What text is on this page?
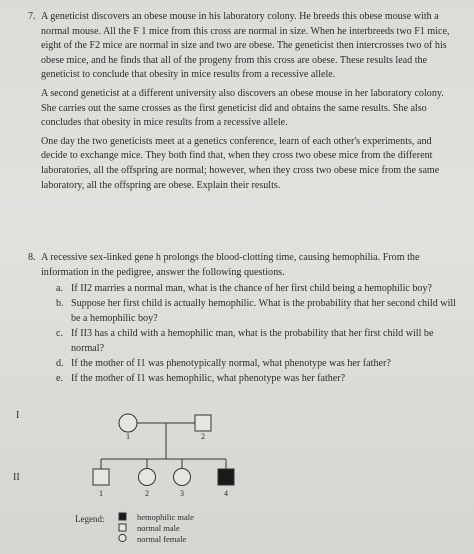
7. A geneticist discovers an obese mouse in his laboratory colony. He breeds this obese mouse with a normal mouse. All the F 1 mice from this cross are normal in size. When he interbreeds two F1 mice, eight of the F2 mice are normal in size and two are obese. The geneticist then intercrosses two of his obese mice, and he finds that all of the progeny from this cross are obese. These results lead the geneticist to conclude that obesity in mice results from a recessive allele.

A second geneticist at a different university also discovers an obese mouse in her laboratory colony. She carries out the same crosses as the first geneticist did and obtains the same results. She also concludes that obesity in mice results from a recessive allele.

One day the two geneticists meet at a genetics conference, learn of each other's experiments, and decide to exchange mice. They both find that, when they cross two obese mice from the different laboratories, all the offspring are normal; however, when they cross two obese mice from the same laboratory, all the offspring are obese. Explain their results.

8. A recessive sex-linked gene h prolongs the blood-clotting time, causing hemophilia. From the information in the pedigree, answer the following questions.
a. If II2 marries a normal man, what is the chance of her first child being a hemophilic boy?
b. Suppose her first child is actually hemophilic. What is the probability that her second child will be a hemophilic boy?
c. If II3 has a child with a hemophilic man, what is the probability that her first child will be normal?
d. If the mother of I1 was phenotypically normal, what phenotype was her father?
e. If the mother of I1 was hemophilic, what phenotype was her father?
I
II
1	2
1	2	3	4
Legend:	hemophilic male
normal male
normal female
